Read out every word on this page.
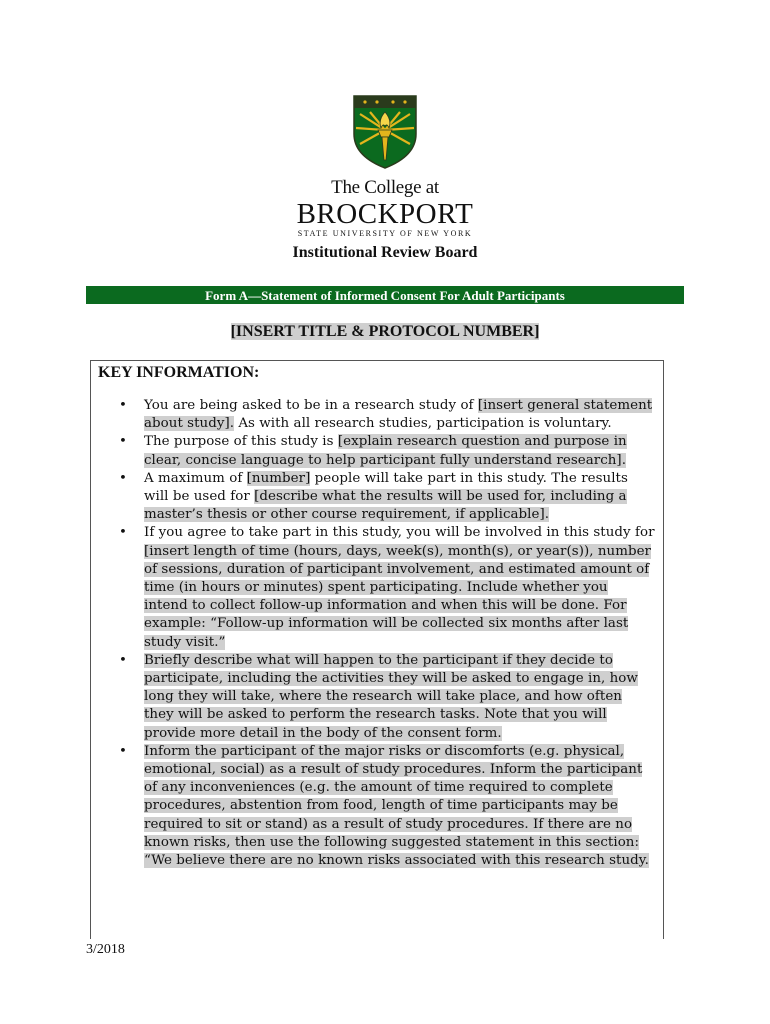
The College at
BROCKPORT
STATE UNIVERSITY OF NEW YORK
Institutional Review Board
Form A—Statement of Informed Consent For Adult Participants
[INSERT TITLE & PROTOCOL NUMBER]
KEY INFORMATION:
• You are being asked to be in a research study of [insert general statement about study]. As with all research studies, participation is voluntary.
• The purpose of this study is [explain research question and purpose in clear, concise language to help participant fully understand research].
• A maximum of [number] people will take part in this study. The results will be used for [describe what the results will be used for, including a master’s thesis or other course requirement, if applicable].
• If you agree to take part in this study, you will be involved in this study for [insert length of time (hours, days, week(s), month(s), or year(s)), number of sessions, duration of participant involvement, and estimated amount of time (in hours or minutes) spent participating. Include whether you intend to collect follow-up information and when this will be done. For example: “Follow-up information will be collected six months after last study visit.”
• Briefly describe what will happen to the participant if they decide to participate, including the activities they will be asked to engage in, how long they will take, where the research will take place, and how often they will be asked to perform the research tasks. Note that you will provide more detail in the body of the consent form.
• Inform the participant of the major risks or discomforts (e.g. physical, emotional, social) as a result of study procedures. Inform the participant of any inconveniences (e.g. the amount of time required to complete procedures, abstention from food, length of time participants may be required to sit or stand) as a result of study procedures. If there are no known risks, then use the following suggested statement in this section: “We believe there are no known risks associated with this research study.
3/2018
